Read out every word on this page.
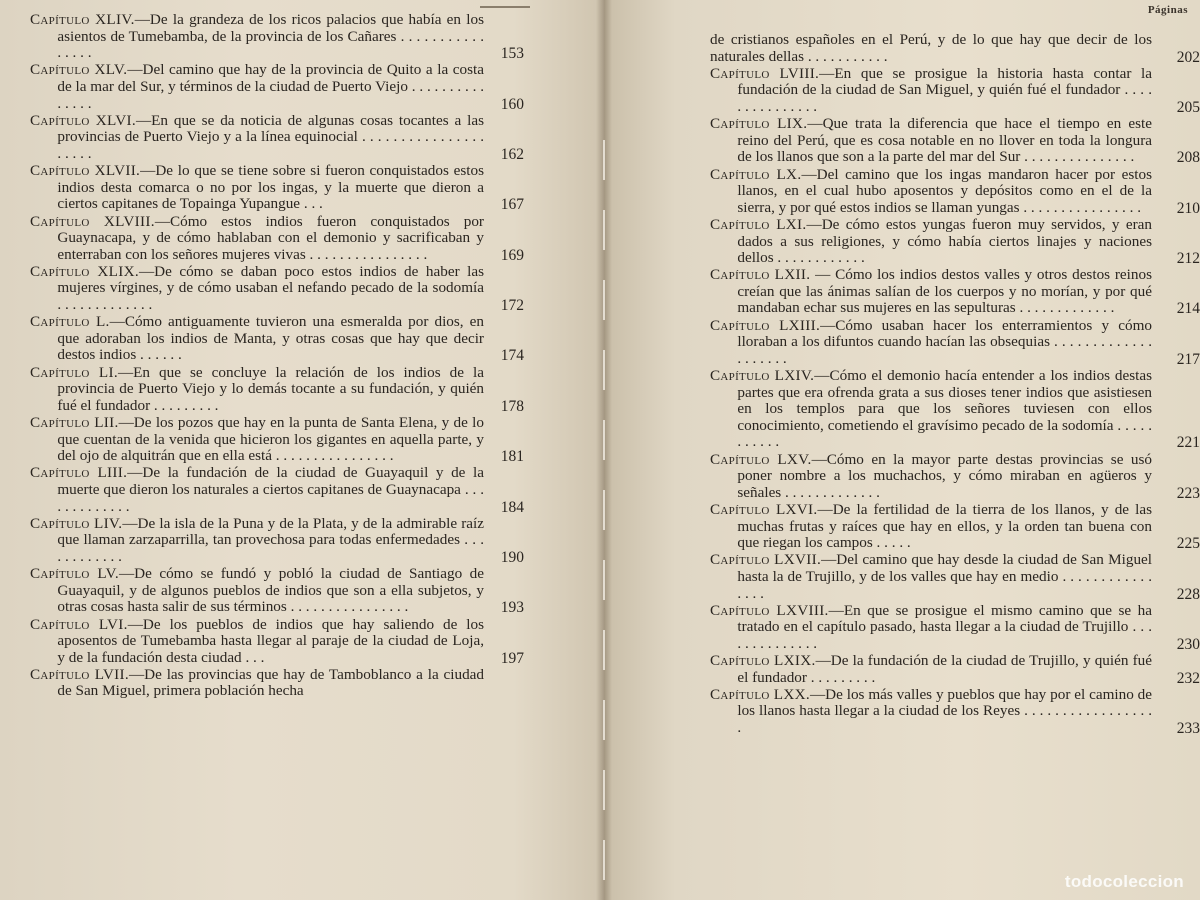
Capítulo XLIV.—De la grandeza de los ricos palacios que había en los asientos de Tumebamba, de la provincia de los Cañares . . . . . . . . . . . . . . . .	153
Capítulo XLV.—Del camino que hay de la provincia de Quito a la costa de la mar del Sur, y términos de la ciudad de Puerto Viejo . . . . . . . . . . . . . . .	160
Capítulo XLVI.—En que se da noticia de algunas cosas tocantes a las provincias de Puerto Viejo y a la línea equinocial . . . . . . . . . . . . . . . . . . . . .	162
Capítulo XLVII.—De lo que se tiene sobre si fueron conquistados estos indios desta comarca o no por los ingas, y la muerte que dieron a ciertos capitanes de Topainga Yupangue . . .	167
Capítulo XLVIII.—Cómo estos indios fueron conquistados por Guaynacapa, y de cómo hablaban con el demonio y sacrificaban y enterraban con los señores mujeres vivas . . . . . . . . . . . . . . . .	169
Capítulo XLIX.—De cómo se daban poco estos indios de haber las mujeres vírgines, y de cómo usaban el nefando pecado de la sodomía . . . . . . . . . . . . .	172
Capítulo L.—Cómo antiguamente tuvieron una esmeralda por dios, en que adoraban los indios de Manta, y otras cosas que hay que decir destos indios . . . . . .	174
Capítulo LI.—En que se concluye la relación de los indios de la provincia de Puerto Viejo y lo demás tocante a su fundación, y quién fué el fundador . . . . . . . . .	178
Capítulo LII.—De los pozos que hay en la punta de Santa Elena, y de lo que cuentan de la venida que hicieron los gigantes en aquella parte, y del ojo de alquitrán que en ella está . . . . . . . . . . . . . . . .	181
Capítulo LIII.—De la fundación de la ciudad de Guayaquil y de la muerte que dieron los naturales a ciertos capitanes de Guaynacapa . . . . . . . . . . . . .	184
Capítulo LIV.—De la isla de la Puna y de la Plata, y de la admirable raíz que llaman zarzaparrilla, tan provechosa para todas enfermedades . . . . . . . . . . . .	190
Capítulo LV.—De cómo se fundó y pobló la ciudad de Santiago de Guayaquil, y de algunos pueblos de indios que son a ella subjetos, y otras cosas hasta salir de sus términos . . . . . . . . . . . . . . . .	193
Capítulo LVI.—De los pueblos de indios que hay saliendo de los aposentos de Tumebamba hasta llegar al paraje de la ciudad de Loja, y de la fundación desta ciudad . . .	197
Capítulo LVII.—De las provincias que hay de Tamboblanco a la ciudad de San Miguel, primera población hecha
Páginas
de cristianos españoles en el Perú, y de lo que hay que decir de los naturales dellas . . . . . . . . . . .	202
Capítulo LVIII.—En que se prosigue la historia hasta contar la fundación de la ciudad de San Miguel, y quién fué el fundador . . . . . . . . . . . . . . .	205
Capítulo LIX.—Que trata la diferencia que hace el tiempo en este reino del Perú, que es cosa notable en no llover en toda la longura de los llanos que son a la parte del mar del Sur . . . . . . . . . . . . . . .	208
Capítulo LX.—Del camino que los ingas mandaron hacer por estos llanos, en el cual hubo aposentos y depósitos como en el de la sierra, y por qué estos indios se llaman yungas . . . . . . . . . . . . . . . . 210
Capítulo LXI.—De cómo estos yungas fueron muy servidos, y eran dados a sus religiones, y cómo había ciertos linajes y naciones dellos . . . . . . . . . . . .	212
Capítulo LXII. — Cómo los indios destos valles y otros destos reinos creían que las ánimas salían de los cuerpos y no morían, y por qué mandaban echar sus mujeres en las sepulturas . . . . . . . . . . . . .	214
Capítulo LXIII.—Cómo usaban hacer los enterramientos y cómo lloraban a los difuntos cuando hacían las obsequias . . . . . . . . . . . . . . . . . . . .	217
Capítulo LXIV.—Cómo el demonio hacía entender a los indios destas partes que era ofrenda grata a sus dioses tener indios que asistiesen en los templos para que los señores tuviesen con ellos conocimiento, cometiendo el gravísimo pecado de la sodomía . . . . . . . . . . .	221
Capítulo LXV.—Cómo en la mayor parte destas provincias se usó poner nombre a los muchachos, y cómo miraban en agüeros y señales . . . . . . . . . . . . .	223
Capítulo LXVI.—De la fertilidad de la tierra de los llanos, y de las muchas frutas y raíces que hay en ellos, y la orden tan buena con que riegan los campos . . . . .	225
Capítulo LXVII.—Del camino que hay desde la ciudad de San Miguel hasta la de Trujillo, y de los valles que hay en medio . . . . . . . . . . . . . . . .	228
Capítulo LXVIII.—En que se prosigue el mismo camino que se ha tratado en el capítulo pasado, hasta llegar a la ciudad de Trujillo . . . . . . . . . . . . . .	230
Capítulo LXIX.—De la fundación de la ciudad de Trujillo, y quién fué el fundador . . . . . . . . .	232
Capítulo LXX.—De los más valles y pueblos que hay por el camino de los llanos hasta llegar a la ciudad de los Reyes . . . . . . . . . . . . . . . . . .	233
todocoleccion
